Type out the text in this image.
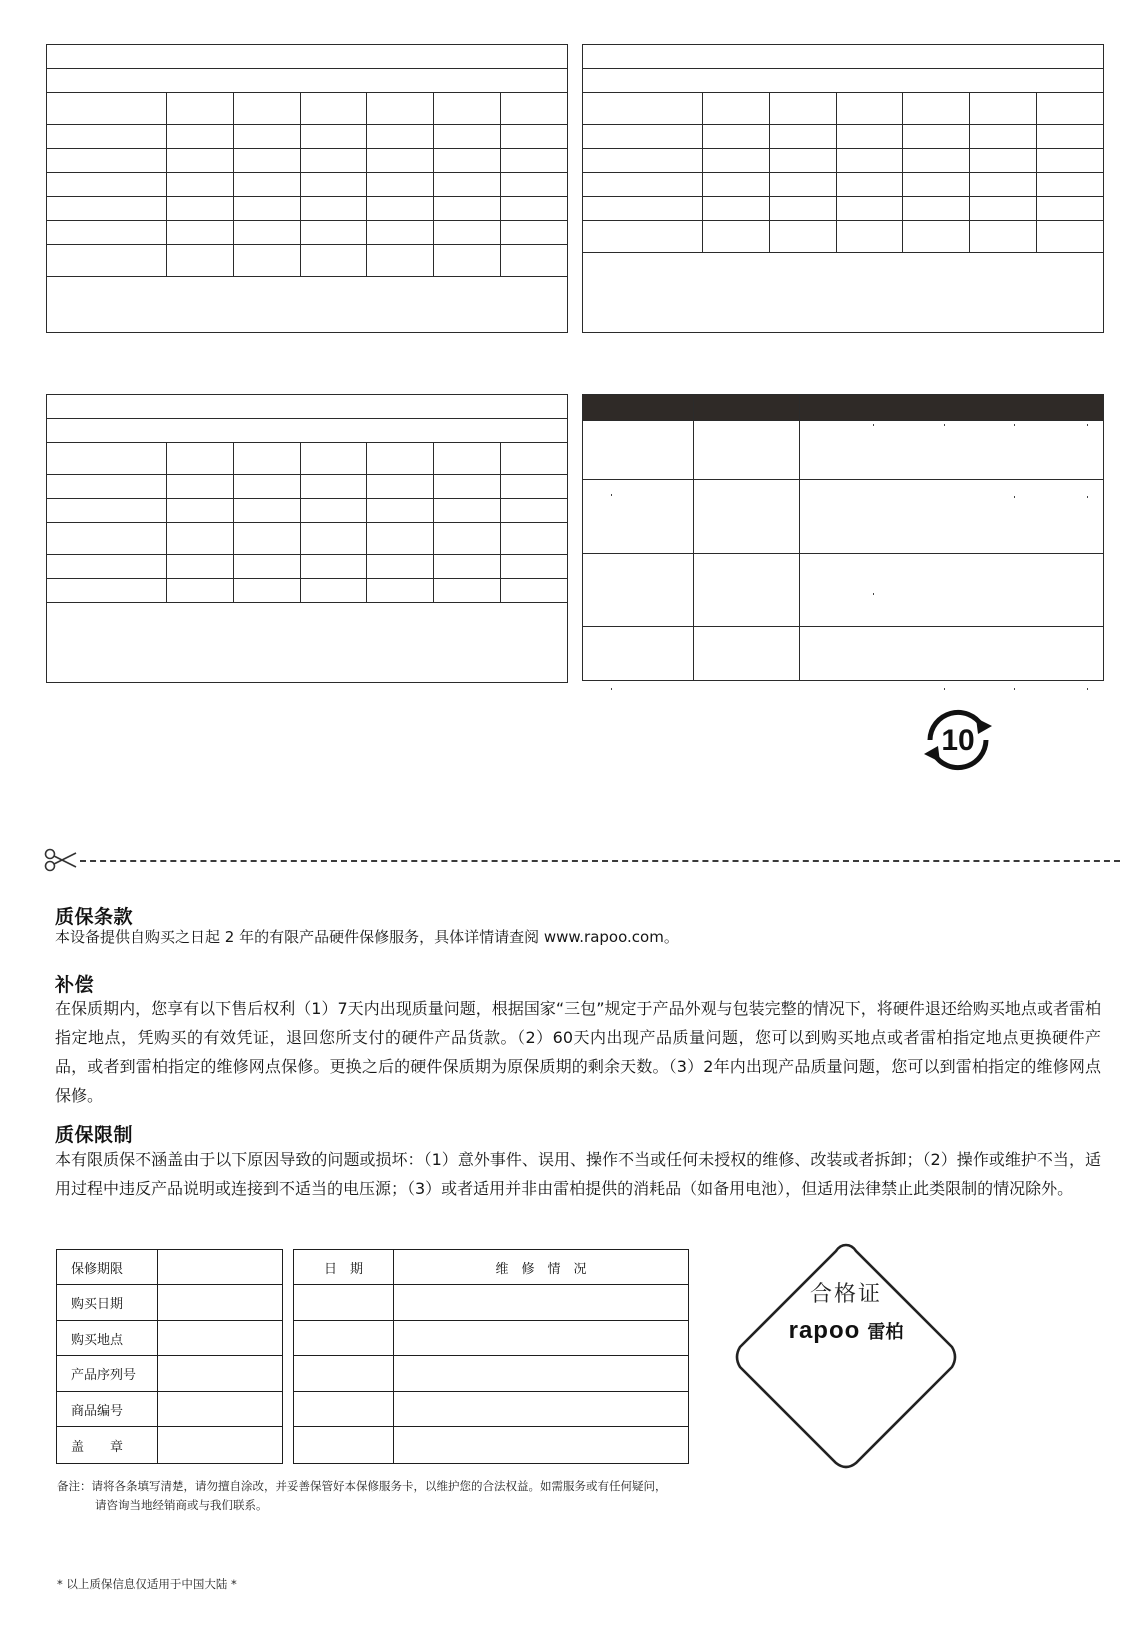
10
质保条款
本设备提供自购买之日起 2 年的有限产品硬件保修服务，具体详情请查阅 www.rapoo.com。
补偿
在保质期内，您享有以下售后权利（1）7天内出现质量问题，根据国家“三包”规定于产品外观与包装完整的情况下，将硬件退还给购买地点或者雷柏指定地点，凭购买的有效凭证，退回您所支付的硬件产品货款。（2）60天内出现产品质量问题，您可以到购买地点或者雷柏指定地点更换硬件产品，或者到雷柏指定的维修网点保修。更换之后的硬件保质期为原保质期的剩余天数。（3）2年内出现产品质量问题，您可以到雷柏指定的维修网点保修。
质保限制
本有限质保不涵盖由于以下原因导致的问题或损坏：（1）意外事件、误用、操作不当或任何未授权的维修、改装或者拆卸；（2）操作或维护不当，适用过程中违反产品说明或连接到不适当的电压源；（3）或者适用并非由雷柏提供的消耗品（如备用电池），但适用法律禁止此类限制的情况除外。
保修期限	
购买日期	
购买地点	
产品序列号	
商品编号	
盖　　章	
日　期	维　修　情　况

合格证
rapoo 雷柏
备注：请将各条填写清楚，请勿擅自涂改，并妥善保管好本保修服务卡，以维护您的合法权益。如需服务或有任何疑问，
请咨询当地经销商或与我们联系。
* 以上质保信息仅适用于中国大陆 *
